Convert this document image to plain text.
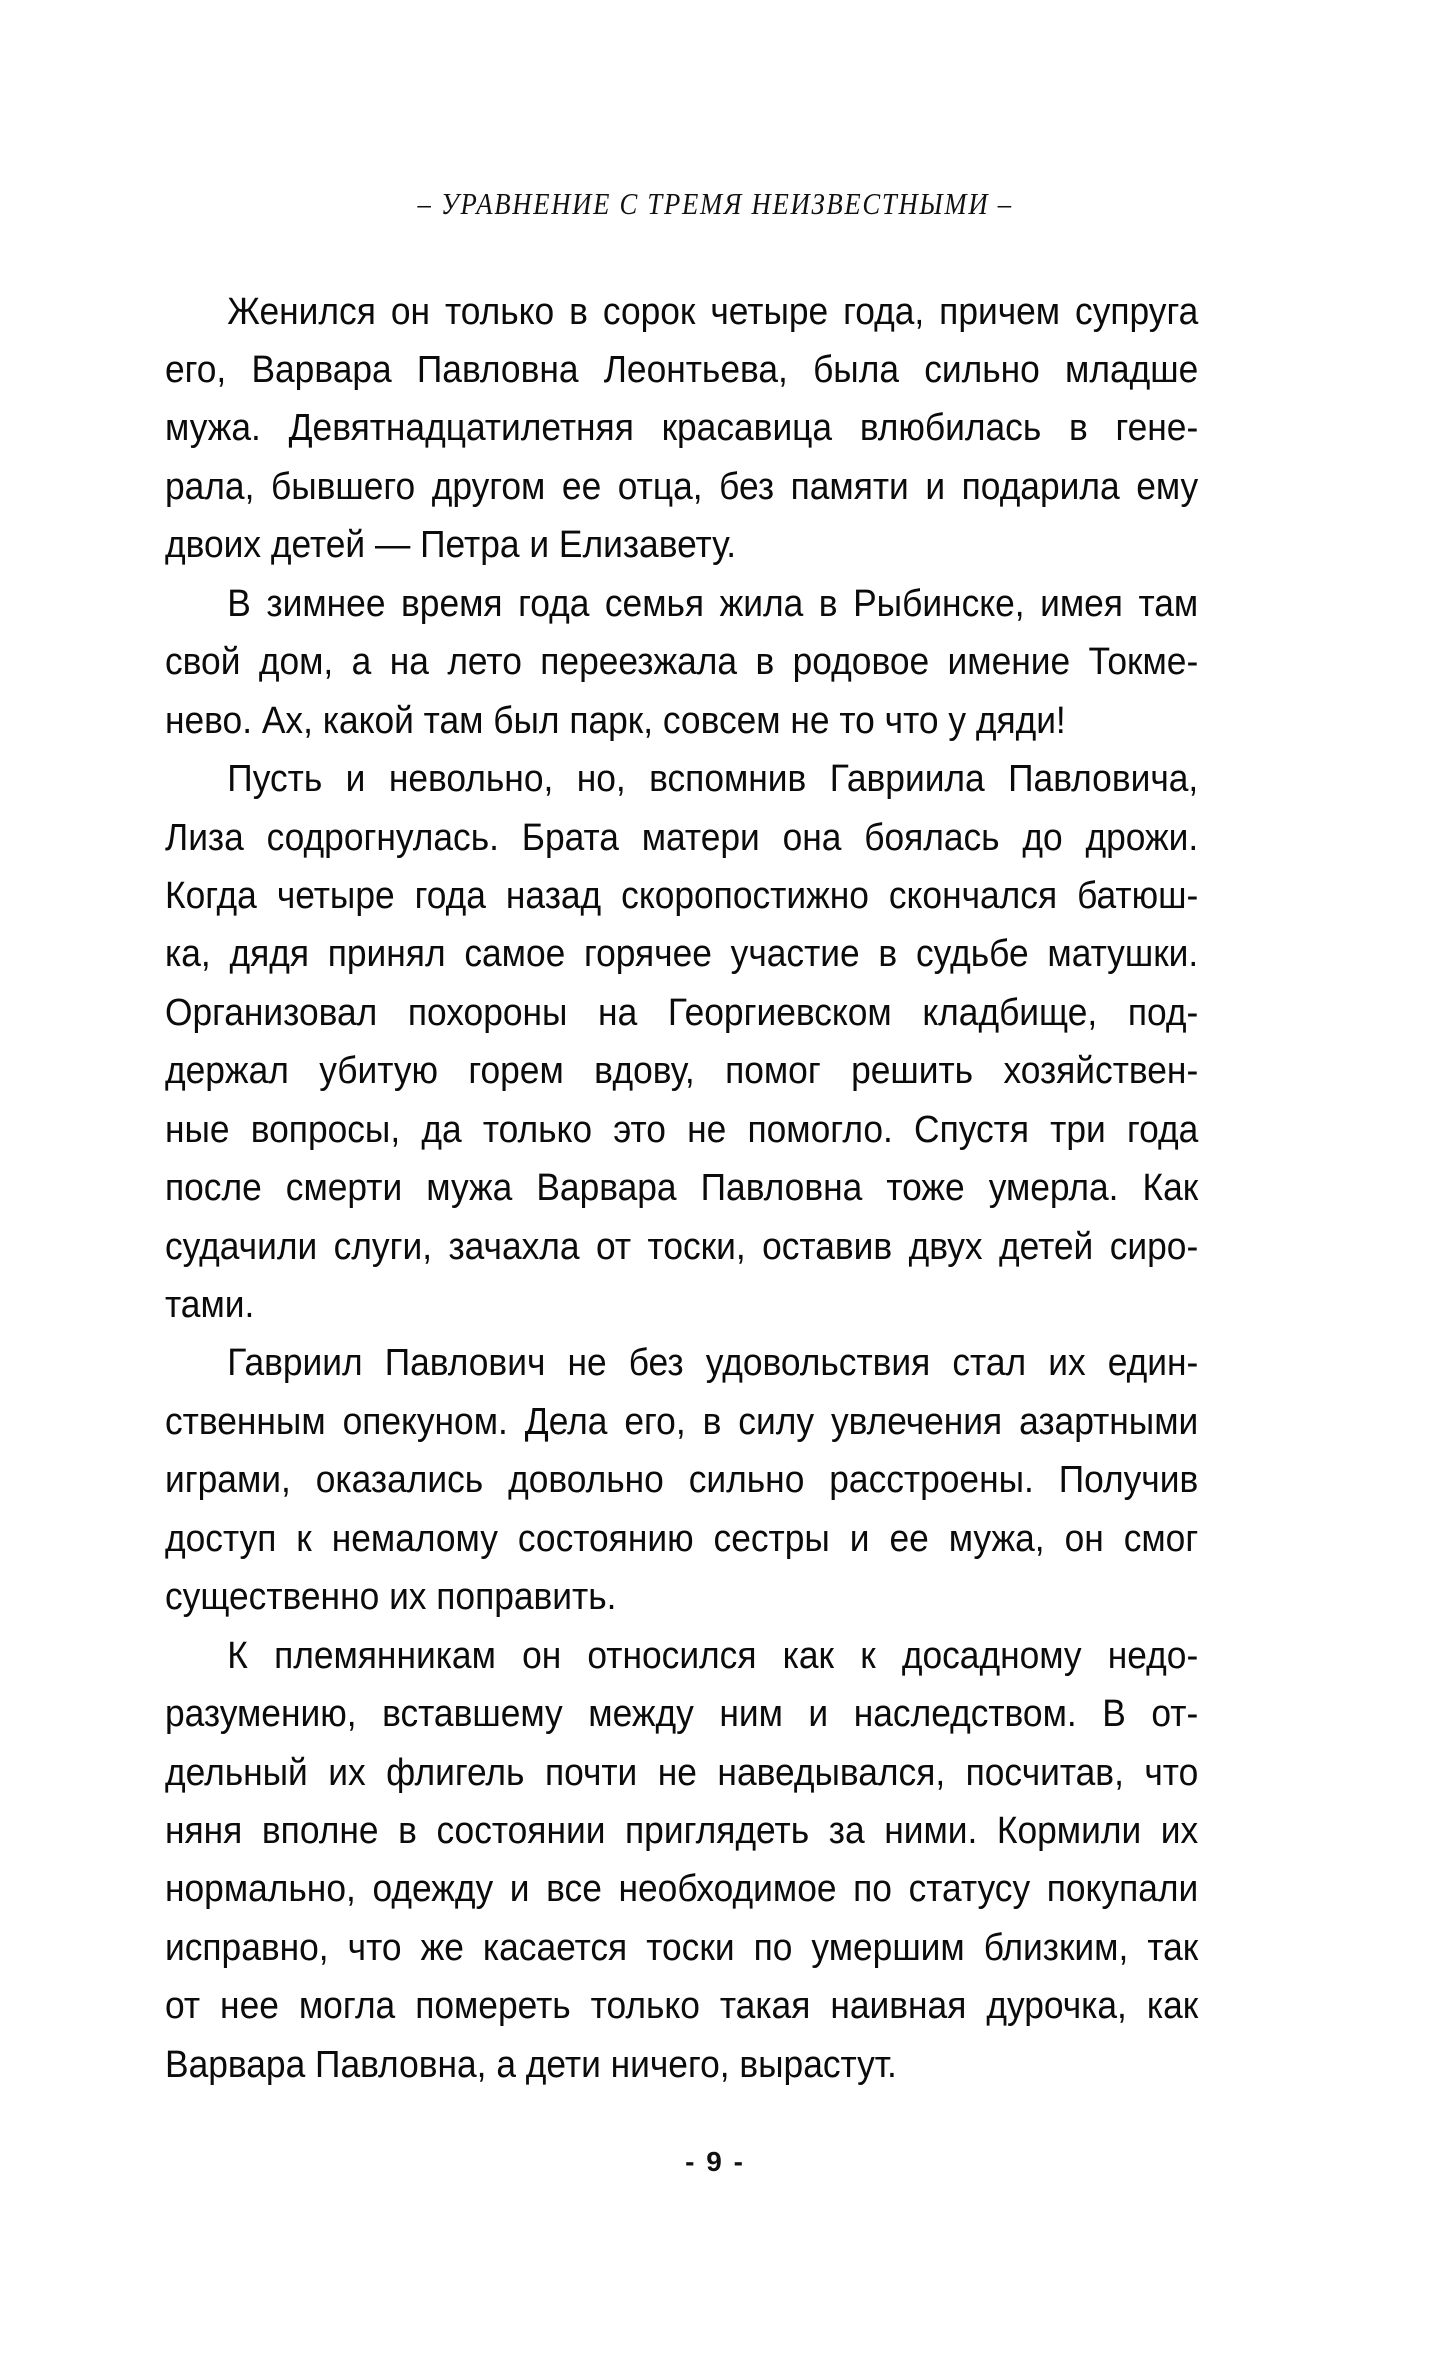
– УРАВНЕНИЕ С ТРЕМЯ НЕИЗВЕСТНЫМИ –
Женился он только в сорок четыре года, причем супруга
его, Варвара Павловна Леонтьева, была сильно младше
мужа. Девятнадцатилетняя красавица влюбилась в гене-
рала, бывшего другом ее отца, без памяти и подарила ему
двоих детей — Петра и Елизавету.
В зимнее время года семья жила в Рыбинске, имея там
свой дом, а на лето переезжала в родовое имение Токме-
нево. Ах, какой там был парк, совсем не то что у дяди!
Пусть и невольно, но, вспомнив Гавриила Павловича,
Лиза содрогнулась. Брата матери она боялась до дрожи.
Когда четыре года назад скоропостижно скончался батюш-
ка, дядя принял самое горячее участие в судьбе матушки.
Организовал похороны на Георгиевском кладбище, под-
держал убитую горем вдову, помог решить хозяйствен-
ные вопросы, да только это не помогло. Спустя три года
после смерти мужа Варвара Павловна тоже умерла. Как
судачили слуги, зачахла от тоски, оставив двух детей сиро-
тами.
Гавриил Павлович не без удовольствия стал их един-
ственным опекуном. Дела его, в силу увлечения азартными
играми, оказались довольно сильно расстроены. Получив
доступ к немалому состоянию сестры и ее мужа, он смог
существенно их поправить.
К племянникам он относился как к досадному недо-
разумению, вставшему между ним и наследством. В от-
дельный их флигель почти не наведывался, посчитав, что
няня вполне в состоянии приглядеть за ними. Кормили их
нормально, одежду и все необходимое по статусу покупали
исправно, что же касается тоски по умершим близким, так
от нее могла помереть только такая наивная дурочка, как
Варвара Павловна, а дети ничего, вырастут.
- 9 -
